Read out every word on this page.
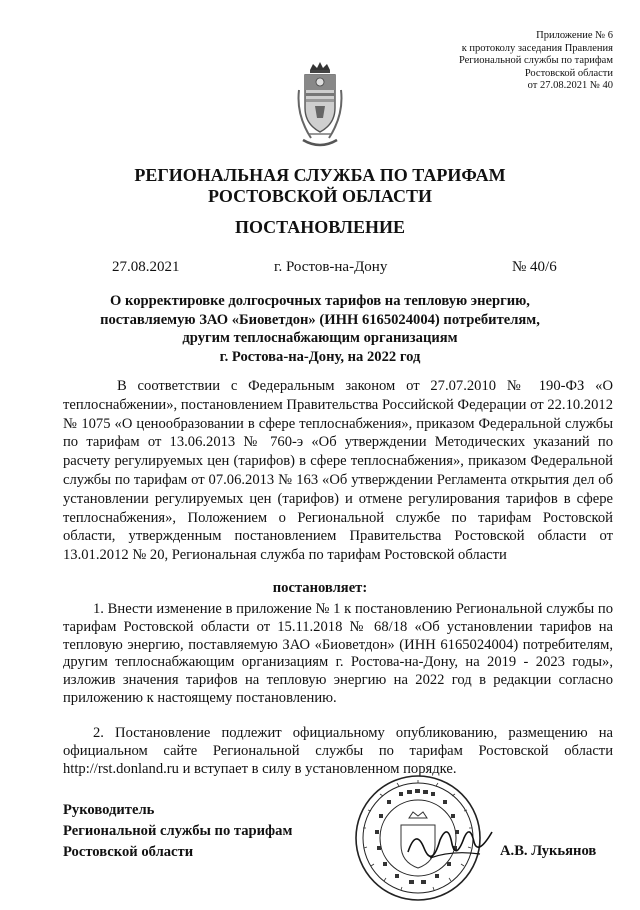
Приложение № 6
к протоколу заседания Правления
Региональной службы по тарифам
Ростовской области
от 27.08.2021 № 40
РЕГИОНАЛЬНАЯ СЛУЖБА ПО ТАРИФАМ
РОСТОВСКОЙ ОБЛАСТИ
ПОСТАНОВЛЕНИЕ
27.08.2021	г. Ростов-на-Дону	№ 40/6
О корректировке долгосрочных тарифов на тепловую энергию,
поставляемую ЗАО «Биоветдон» (ИНН 6165024004) потребителям,
другим теплоснабжающим организациям
г. Ростова-на-Дону, на 2022 год
В соответствии с Федеральным законом от 27.07.2010 № 190-ФЗ «О теплоснабжении», постановлением Правительства Российской Федерации от 22.10.2012 № 1075 «О ценообразовании в сфере теплоснабжения», приказом Федеральной службы по тарифам от 13.06.2013 № 760-э «Об утверждении Методических указаний по расчету регулируемых цен (тарифов) в сфере теплоснабжения», приказом Федеральной службы по тарифам от 07.06.2013 № 163 «Об утверждении Регламента открытия дел об установлении регулируемых цен (тарифов) и отмене регулирования тарифов в сфере теплоснабжения», Положением о Региональной службе по тарифам Ростовской области, утвержденным постановлением Правительства Ростовской области от 13.01.2012 № 20, Региональная служба по тарифам Ростовской области
постановляет:
1. Внести изменение в приложение № 1 к постановлению Региональной службы по тарифам Ростовской области от 15.11.2018 № 68/18 «Об установлении тарифов на тепловую энергию, поставляемую ЗАО «Биоветдон» (ИНН 6165024004) потребителям, другим теплоснабжающим организациям г. Ростова-на-Дону, на 2019 - 2023 годы», изложив значения тарифов на тепловую энергию на 2022 год в редакции согласно приложению к настоящему постановлению.
2. Постановление подлежит официальному опубликованию, размещению на официальном сайте Региональной службы по тарифам Ростовской области http://rst.donland.ru и вступает в силу в установленном порядке.
Руководитель
Региональной службы по тарифам
Ростовской области	А.В. Лукьянов
